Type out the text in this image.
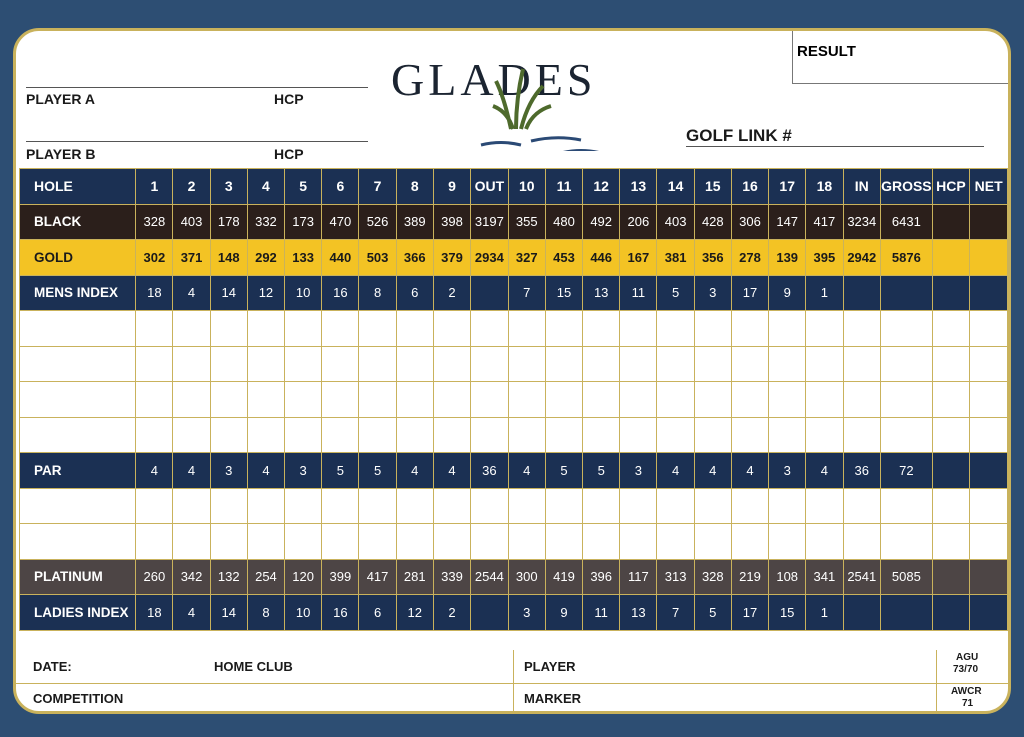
PLAYER A	HCP
PLAYER B	HCP
GLADES
RESULT
GOLF LINK #
HOLE	1	2	3	4	5	6	7	8	9	OUT	10	11	12	13	14	15	16	17	18	IN	GROSS	HCP	NET
BLACK	328	403	178	332	173	470	526	389	398	3197	355	480	492	206	403	428	306	147	417	3234	6431		
GOLD	302	371	148	292	133	440	503	366	379	2934	327	453	446	167	381	356	278	139	395	2942	5876		
MENS INDEX	18	4	14	12	10	16	8	6	2		7	15	13	11	5	3	17	9	1				

PAR	4	4	3	4	3	5	5	4	4	36	4	5	5	3	4	4	4	3	4	36	72		

PLATINUM	260	342	132	254	120	399	417	281	339	2544	300	419	396	117	313	328	219	108	341	2541	5085		
LADIES INDEX	18	4	14	8	10	16	6	12	2		3	9	11	13	7	5	17	15	1				
DATE:	HOME CLUB	PLAYER
COMPETITION	MARKER
AGU
73/70
AWCR
71
